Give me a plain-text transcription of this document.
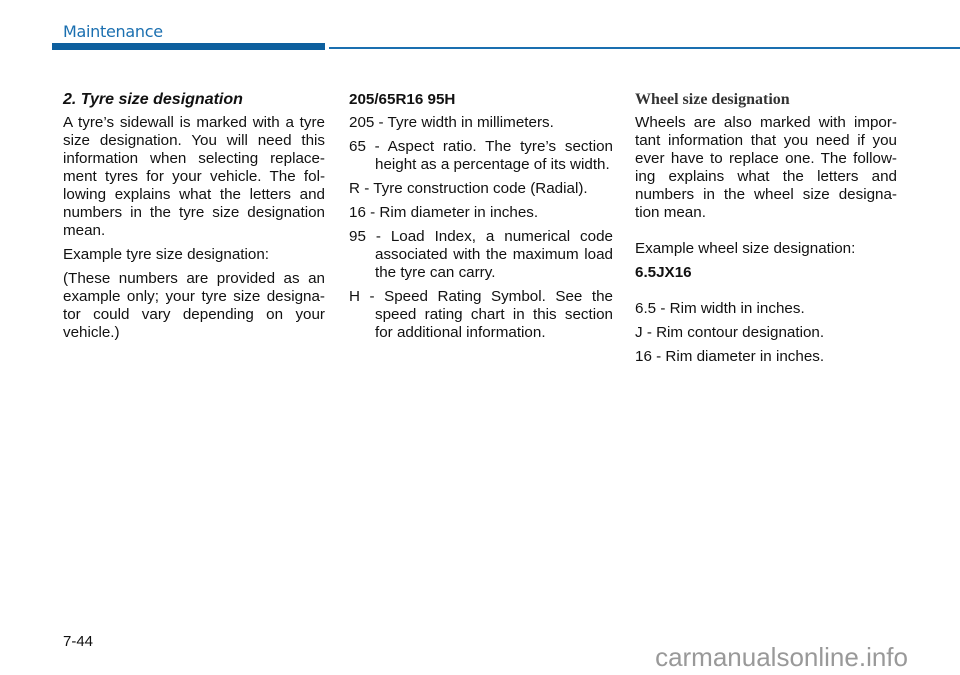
Maintenance
2. Tyre size designation

A tyre’s sidewall is marked with a tyre size designation. You will need this information when selecting replace-ment tyres for your vehicle. The fol-lowing explains what the letters and numbers in the tyre size designation mean.

Example tyre size designation:

(These numbers are provided as an example only; your tyre size designa-tor could vary depending on your vehicle.)

205/65R16 95H

205 - Tyre width in millimeters.

65 - Aspect ratio. The tyre’s section height as a percentage of its width.

R - Tyre construction code (Radial).

16 - Rim diameter in inches.

95 - Load Index, a numerical code associated with the maximum load the tyre can carry.

H - Speed Rating Symbol. See the speed rating chart in this section for additional information.

Wheel size designation

Wheels are also marked with impor-tant information that you need if you ever have to replace one. The follow-ing explains what the letters and numbers in the wheel size designa-tion mean.

Example wheel size designation:

6.5JX16

6.5 - Rim width in inches.

J - Rim contour designation.

16 - Rim diameter in inches.

7-44
carmanualsonline.info
